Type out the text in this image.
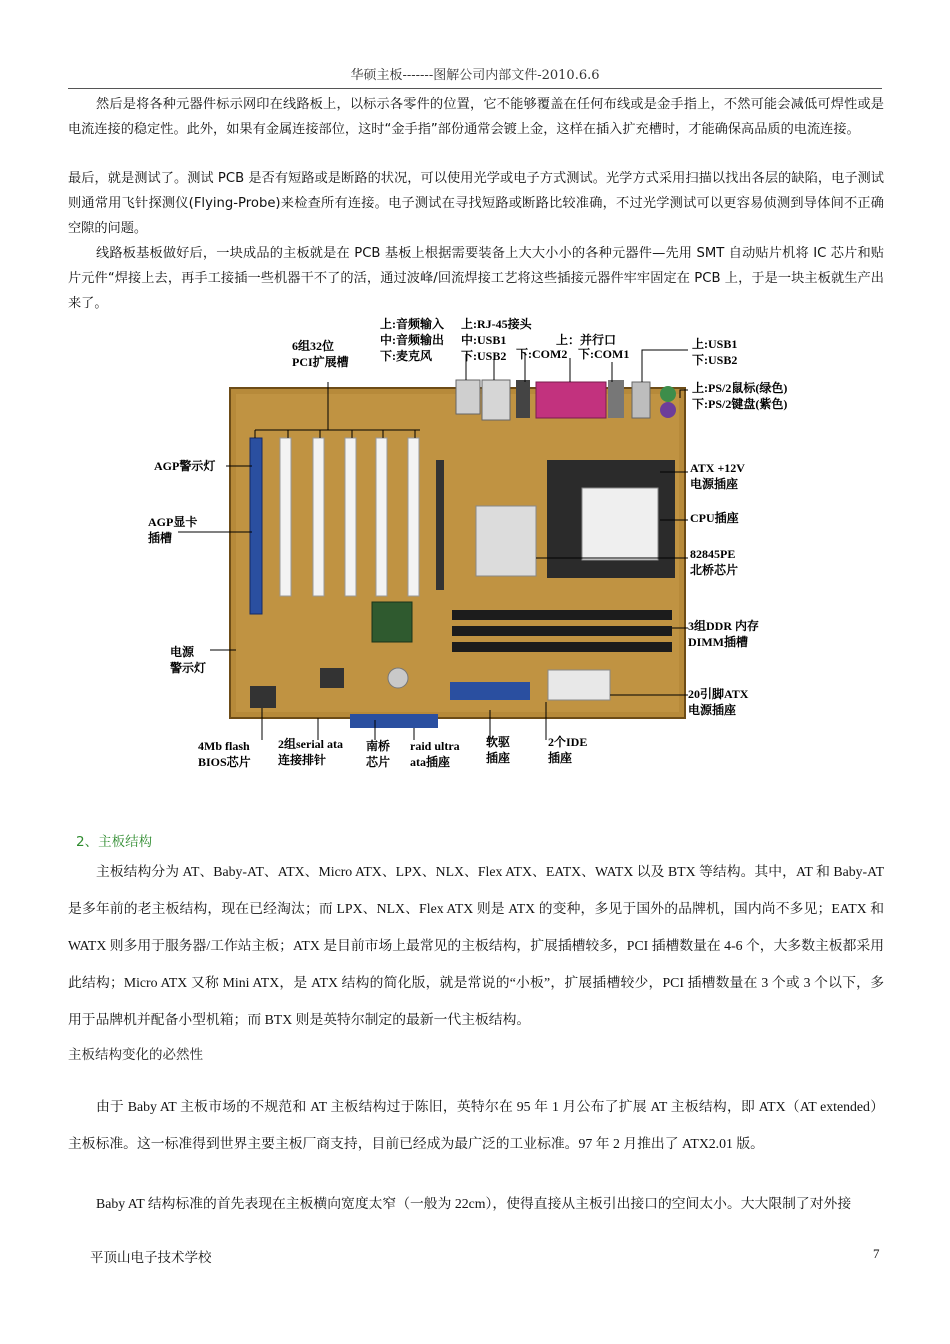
华硕主板-------图解公司内部文件-2010.6.6

然后是将各种元器件标示网印在线路板上，以标示各零件的位置，它不能够覆盖在任何布线或是金手指上，不然可能会减低可焊性或是电流连接的稳定性。此外，如果有金属连接部位，这时“金手指”部份通常会镀上金，这样在插入扩充槽时，才能确保高品质的电流连接。

最后，就是测试了。测试 PCB 是否有短路或是断路的状况，可以使用光学或电子方式测试。光学方式采用扫描以找出各层的缺陷，电子测试则通常用飞针探测仪(Flying-Probe)来检查所有连接。电子测试在寻找短路或断路比较准确，不过光学测试可以更容易侦测到导体间不正确空隙的问题。

线路板基板做好后，一块成品的主板就是在 PCB 基板上根据需要装备上大大小小的各种元器件—先用 SMT 自动贴片机将 IC 芯片和贴片元件“焊接上去，再手工接插一些机器干不了的活，通过波峰/回流焊接工艺将这些插接元器件牢牢固定在 PCB 上，于是一块主板就生产出来了。

6组32位
PCI扩展槽
上:音频输入
中:音频输出
下:麦克风
上:RJ-45接头
中:USB1
下:USB2
上：并行口
下:COM2 下:COM1
上:USB1
下:USB2
上:PS/2鼠标(绿色)
下:PS/2键盘(紫色)
AGP警示灯
AGP显卡
插槽
ATX +12V
电源插座
CPU插座
82845PE
北桥芯片
3组DDR 内存
DIMM插槽
电源
警示灯
20引脚ATX
电源插座
4Mb flash
BIOS芯片
2组serial ata
连接排针
南桥
芯片
raid ultra
ata插座
软驱
插座
2个IDE
插座
2、主板结构

主板结构分为 AT、Baby-AT、ATX、Micro ATX、LPX、NLX、Flex ATX、EATX、WATX 以及 BTX 等结构。其中，AT 和 Baby-AT 是多年前的老主板结构，现在已经淘汰；而 LPX、NLX、Flex ATX 则是 ATX 的变种，多见于国外的品牌机，国内尚不多见；EATX 和 WATX 则多用于服务器/工作站主板；ATX 是目前市场上最常见的主板结构，扩展插槽较多，PCI 插槽数量在 4-6 个，大多数主板都采用此结构；Micro ATX 又称 Mini ATX，是 ATX 结构的简化版，就是常说的“小板”，扩展插槽较少，PCI 插槽数量在 3 个或 3 个以下，多用于品牌机并配备小型机箱；而 BTX 则是英特尔制定的最新一代主板结构。

主板结构变化的必然性

由于 Baby AT 主板市场的不规范和 AT 主板结构过于陈旧，英特尔在 95 年 1 月公布了扩展 AT 主板结构，即 ATX（AT extended）主板标准。这一标准得到世界主要主板厂商支持，目前已经成为最广泛的工业标准。97 年 2 月推出了 ATX2.01 版。

Baby AT 结构标准的首先表现在主板横向宽度太窄（一般为 22cm），使得直接从主板引出接口的空间太小。大大限制了对外接

平顶山电子技术学校	7
